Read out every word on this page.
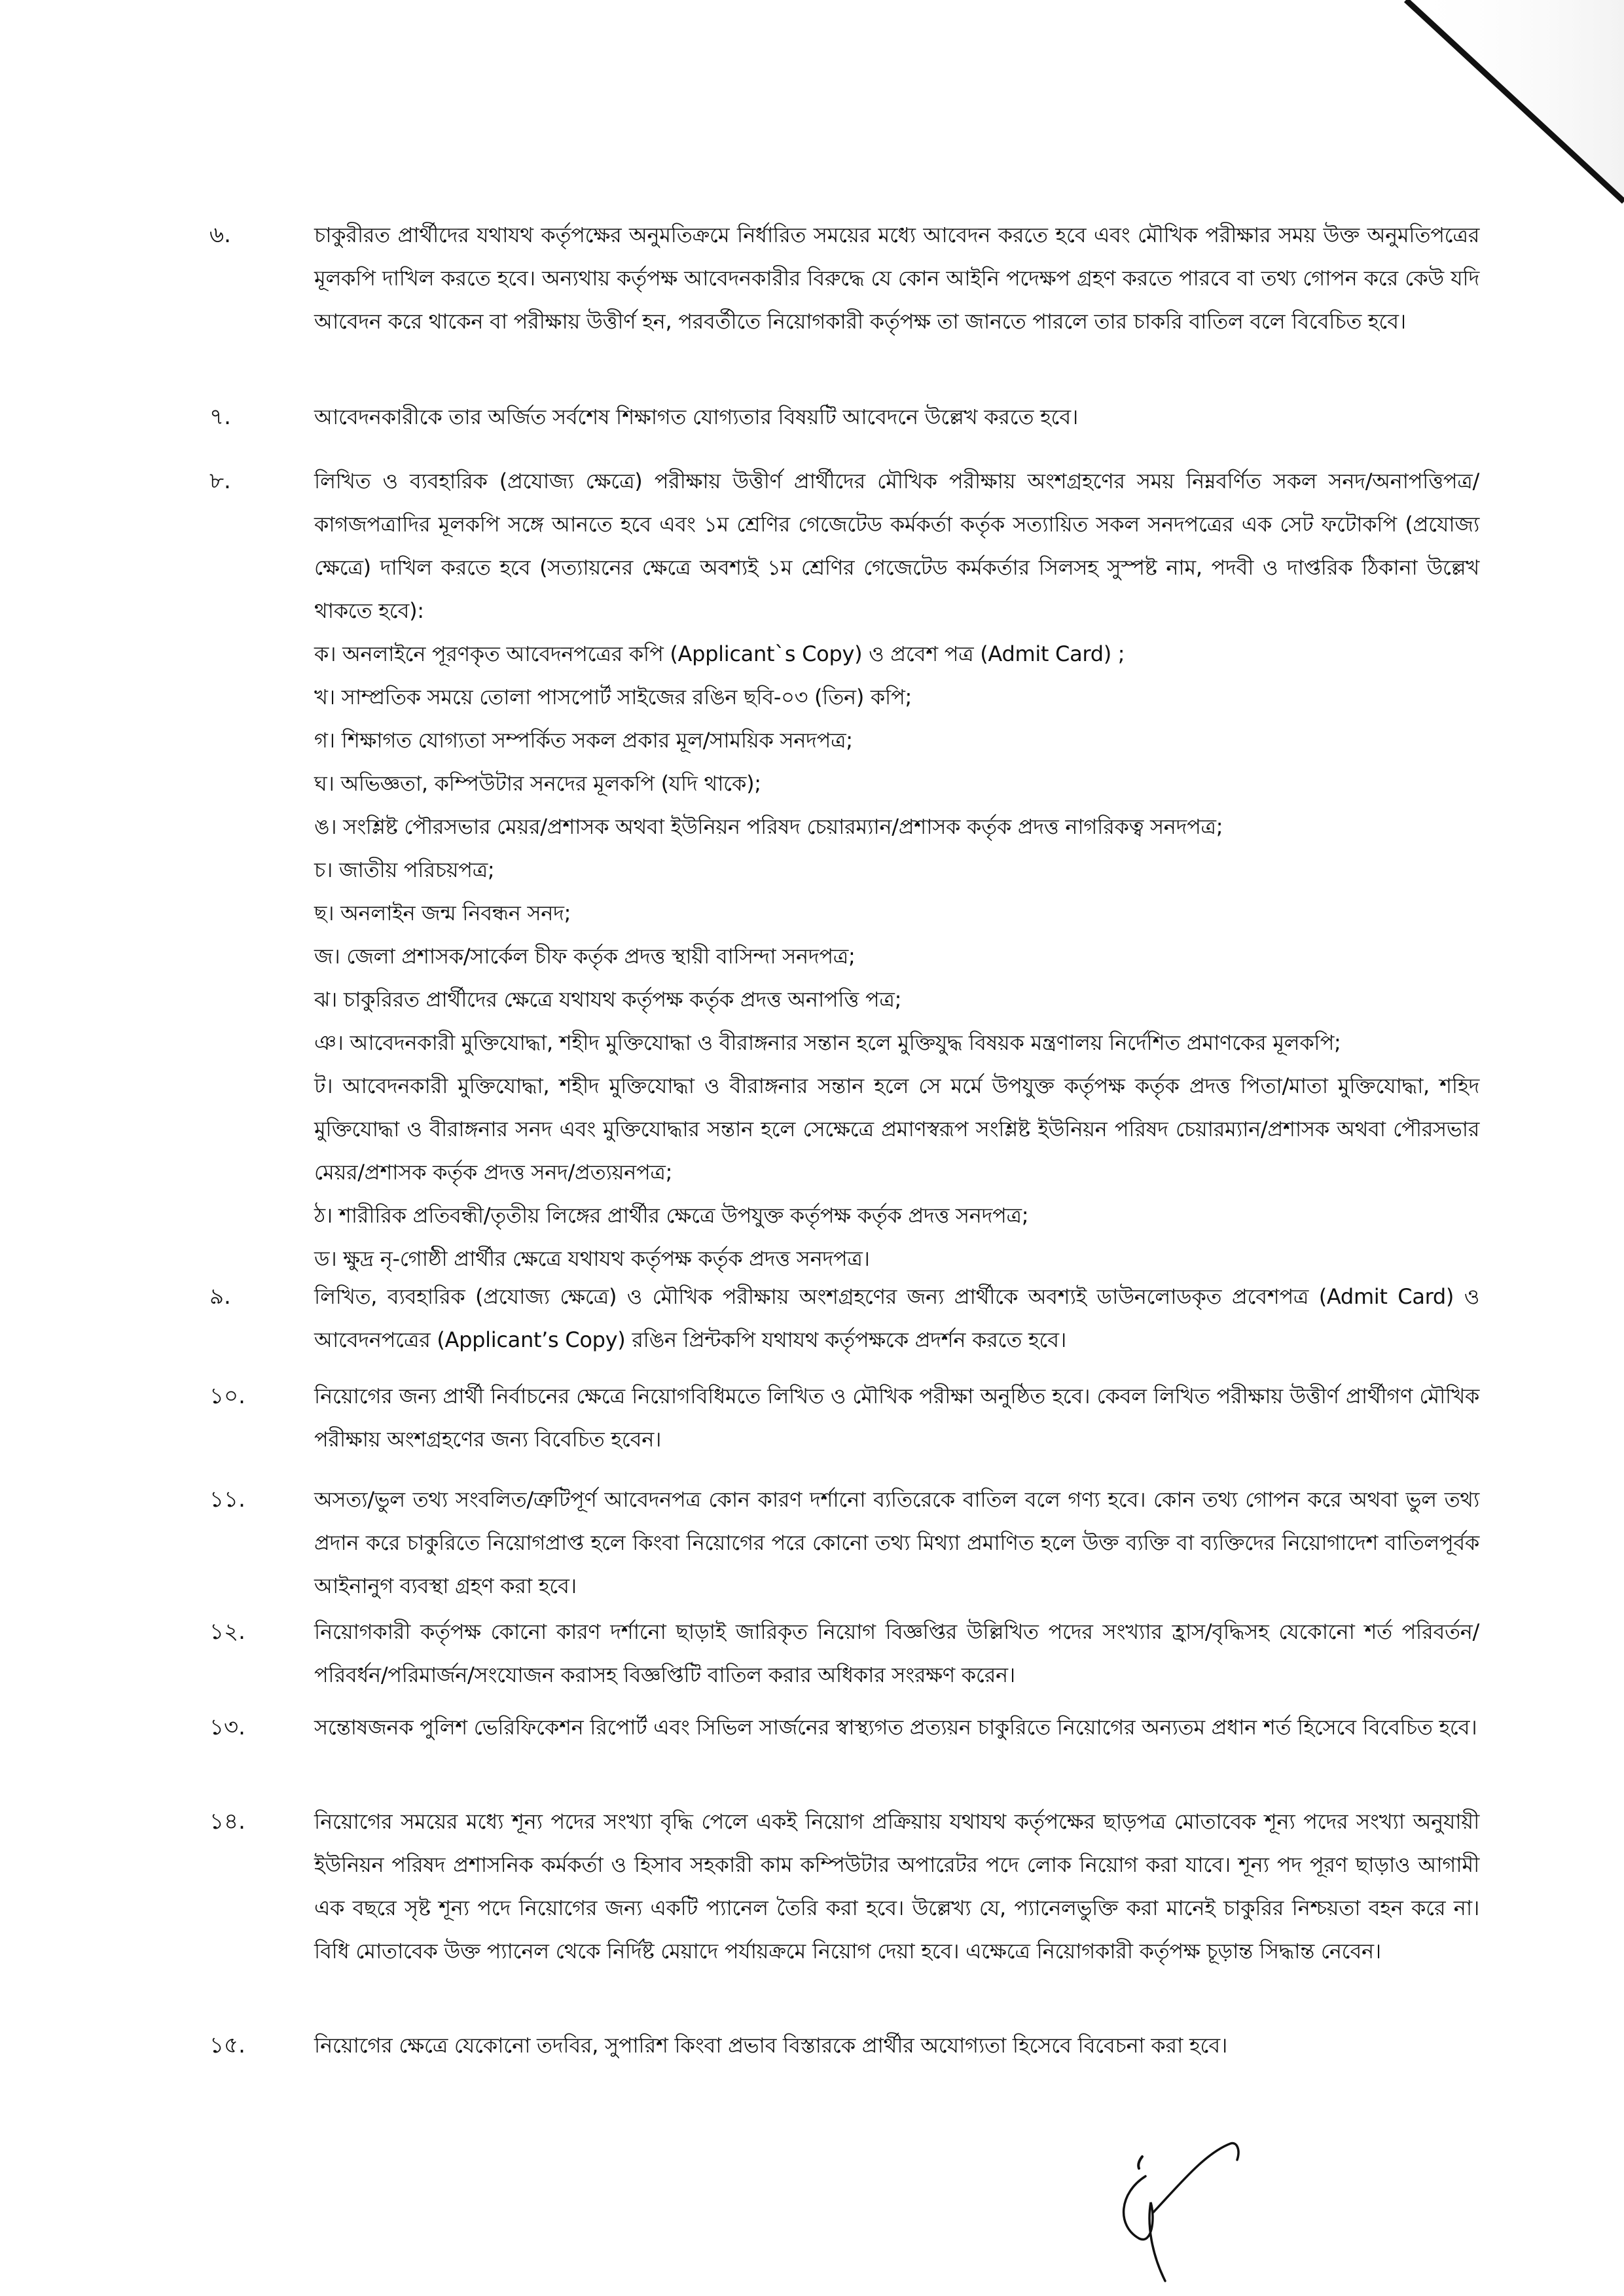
৬.	চাকুরীরত প্রার্থীদের যথাযথ কর্তৃপক্ষের অনুমতিক্রমে নির্ধারিত সময়ের মধ্যে আবেদন করতে হবে এবং মৌখিক পরীক্ষার সময় উক্ত অনুমতিপত্রের মূলকপি দাখিল করতে হবে। অন্যথায় কর্তৃপক্ষ আবেদনকারীর বিরুদ্ধে যে কোন আইনি পদেক্ষপ গ্রহণ করতে পারবে বা তথ্য গোপন করে কেউ যদি আবেদন করে থাকেন বা পরীক্ষায় উত্তীর্ণ হন, পরবর্তীতে নিয়োগকারী কর্তৃপক্ষ তা জানতে পারলে তার চাকরি বাতিল বলে বিবেচিত হবে।

৭.	আবেদনকারীকে তার অর্জিত সর্বশেষ শিক্ষাগত যোগ্যতার বিষয়টি আবেদনে উল্লেখ করতে হবে।

৮.	লিখিত ও ব্যবহারিক (প্রযোজ্য ক্ষেত্রে) পরীক্ষায় উত্তীর্ণ প্রার্থীদের মৌখিক পরীক্ষায় অংশগ্রহণের সময় নিম্নবর্ণিত সকল সনদ/অনাপত্তিপত্র/কাগজপত্রাদির মূলকপি সঙ্গে আনতে হবে এবং ১ম শ্রেণির গেজেটেড কর্মকর্তা কর্তৃক সত্যায়িত সকল সনদপত্রের এক সেট ফটোকপি (প্রযোজ্য ক্ষেত্রে) দাখিল করতে হবে (সত্যায়নের ক্ষেত্রে অবশ্যই ১ম শ্রেণির গেজেটেড কর্মকর্তার সিলসহ সুস্পষ্ট নাম, পদবী ও দাপ্তরিক ঠিকানা উল্লেখ থাকতে হবে):

ক। অনলাইনে পূরণকৃত আবেদনপত্রের কপি (Applicant`s Copy) ও প্রবেশ পত্র (Admit Card) ;
খ। সাম্প্রতিক সময়ে তোলা পাসপোর্ট সাইজের রঙিন ছবি-০৩ (তিন) কপি;
গ। শিক্ষাগত যোগ্যতা সম্পর্কিত সকল প্রকার মূল/সাময়িক সনদপত্র;
ঘ। অভিজ্ঞতা, কম্পিউটার সনদের মূলকপি (যদি থাকে);
ঙ। সংশ্লিষ্ট পৌরসভার মেয়র/প্রশাসক অথবা ইউনিয়ন পরিষদ চেয়ারম্যান/প্রশাসক কর্তৃক প্রদত্ত নাগরিকত্ব সনদপত্র;
চ। জাতীয় পরিচয়পত্র;
ছ। অনলাইন জন্ম নিবন্ধন সনদ;
জ। জেলা প্রশাসক/সার্কেল চীফ কর্তৃক প্রদত্ত স্থায়ী বাসিন্দা সনদপত্র;
ঝ। চাকুরিরত প্রার্থীদের ক্ষেত্রে যথাযথ কর্তৃপক্ষ কর্তৃক প্রদত্ত অনাপত্তি পত্র;
ঞ। আবেদনকারী মুক্তিযোদ্ধা, শহীদ মুক্তিযোদ্ধা ও বীরাঙ্গনার সন্তান হলে মুক্তিযুদ্ধ বিষয়ক মন্ত্রণালয় নির্দেশিত প্রমাণকের মূলকপি;
ট। আবেদনকারী মুক্তিযোদ্ধা, শহীদ মুক্তিযোদ্ধা ও বীরাঙ্গনার সন্তান হলে সে মর্মে উপযুক্ত কর্তৃপক্ষ কর্তৃক প্রদত্ত পিতা/মাতা মুক্তিযোদ্ধা, শহিদ মুক্তিযোদ্ধা ও বীরাঙ্গনার সনদ এবং মুক্তিযোদ্ধার সন্তান হলে সেক্ষেত্রে প্রমাণস্বরূপ সংশ্লিষ্ট ইউনিয়ন পরিষদ চেয়ারম্যান/প্রশাসক অথবা পৌরসভার মেয়র/প্রশাসক কর্তৃক প্রদত্ত সনদ/প্রত্যয়নপত্র;
ঠ। শারীরিক প্রতিবন্ধী/তৃতীয় লিঙ্গের প্রার্থীর ক্ষেত্রে উপযুক্ত কর্তৃপক্ষ কর্তৃক প্রদত্ত সনদপত্র;
ড। ক্ষুদ্র নৃ-গোষ্ঠী প্রার্থীর ক্ষেত্রে যথাযথ কর্তৃপক্ষ কর্তৃক প্রদত্ত সনদপত্র।
৯.	লিখিত, ব্যবহারিক (প্রযোজ্য ক্ষেত্রে) ও মৌখিক পরীক্ষায় অংশগ্রহণের জন্য প্রার্থীকে অবশ্যই ডাউনলোডকৃত প্রবেশপত্র (Admit Card) ও আবেদনপত্রের (Applicant’s Copy) রঙিন প্রিন্টকপি যথাযথ কর্তৃপক্ষকে প্রদর্শন করতে হবে।

১০.	নিয়োগের জন্য প্রার্থী নির্বাচনের ক্ষেত্রে নিয়োগবিধিমতে লিখিত ও মৌখিক পরীক্ষা অনুষ্ঠিত হবে। কেবল লিখিত পরীক্ষায় উত্তীর্ণ প্রার্থীগণ মৌখিক পরীক্ষায় অংশগ্রহণের জন্য বিবেচিত হবেন।

১১.	অসত্য/ভুল তথ্য সংবলিত/ত্রুটিপূর্ণ আবেদনপত্র কোন কারণ দর্শানো ব্যতিরেকে বাতিল বলে গণ্য হবে। কোন তথ্য গোপন করে অথবা ভুল তথ্য প্রদান করে চাকুরিতে নিয়োগপ্রাপ্ত হলে কিংবা নিয়োগের পরে কোনো তথ্য মিথ্যা প্রমাণিত হলে উক্ত ব্যক্তি বা ব্যক্তিদের নিয়োগাদেশ বাতিলপূর্বক আইনানুগ ব্যবস্থা গ্রহণ করা হবে।

১২.	নিয়োগকারী কর্তৃপক্ষ কোনো কারণ দর্শানো ছাড়াই জারিকৃত নিয়োগ বিজ্ঞপ্তির উল্লিখিত পদের সংখ্যার হ্রাস/বৃদ্ধিসহ যেকোনো শর্ত পরিবর্তন/পরিবর্ধন/পরিমার্জন/সংযোজন করাসহ বিজ্ঞপ্তিটি বাতিল করার অধিকার সংরক্ষণ করেন।

১৩.	সন্তোষজনক পুলিশ ভেরিফিকেশন রিপোর্ট এবং সিভিল সার্জনের স্বাস্থ্যগত প্রত্যয়ন চাকুরিতে নিয়োগের অন্যতম প্রধান শর্ত হিসেবে বিবেচিত হবে।

১৪.	নিয়োগের সময়ের মধ্যে শূন্য পদের সংখ্যা বৃদ্ধি পেলে একই নিয়োগ প্রক্রিয়ায় যথাযথ কর্তৃপক্ষের ছাড়পত্র মোতাবেক শূন্য পদের সংখ্যা অনুযায়ী ইউনিয়ন পরিষদ প্রশাসনিক কর্মকর্তা ও হিসাব সহকারী কাম কম্পিউটার অপারেটর পদে লোক নিয়োগ করা যাবে। শূন্য পদ পূরণ ছাড়াও আগামী এক বছরে সৃষ্ট শূন্য পদে নিয়োগের জন্য একটি প্যানেল তৈরি করা হবে। উল্লেখ্য যে, প্যানেলভুক্তি করা মানেই চাকুরির নিশ্চয়তা বহন করে না। বিধি মোতাবেক উক্ত প্যানেল থেকে নির্দিষ্ট মেয়াদে পর্যায়ক্রমে নিয়োগ দেয়া হবে। এক্ষেত্রে নিয়োগকারী কর্তৃপক্ষ চূড়ান্ত সিদ্ধান্ত নেবেন।

১৫.	নিয়োগের ক্ষেত্রে যেকোনো তদবির, সুপারিশ কিংবা প্রভাব বিস্তারকে প্রার্থীর অযোগ্যতা হিসেবে বিবেচনা করা হবে।
